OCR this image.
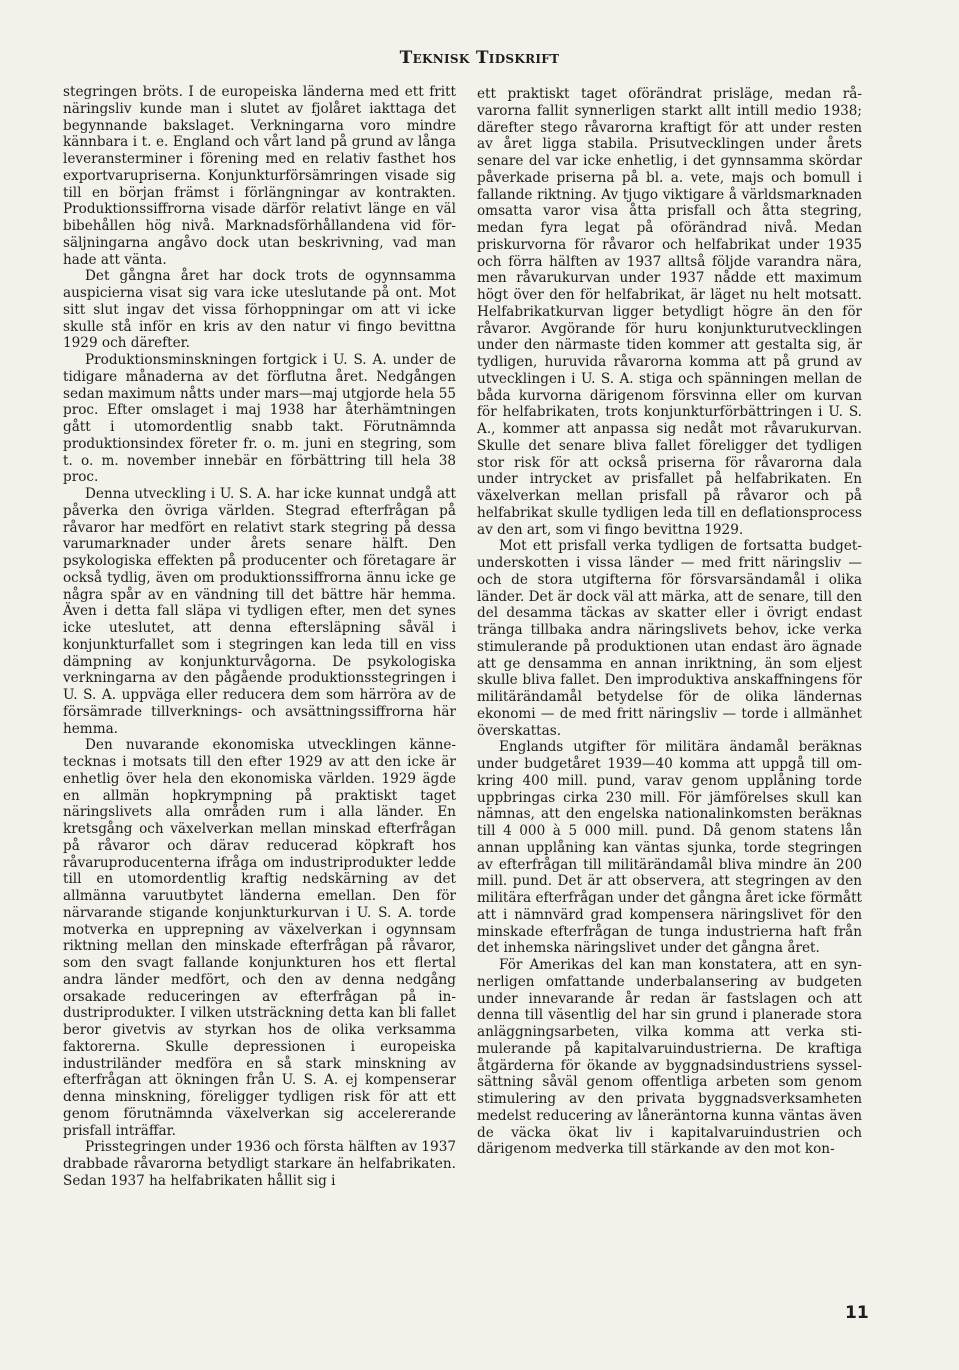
Teknisk Tidskrift

stegringen bröts. I de europeiska länderna med ett fritt näringsliv kunde man i slutet av fjolåret iakttaga det begynnande bakslaget. Verkningarna voro mindre kännbara i t. e. England och vårt land på grund av långa leveransterminer i förening med en relativ fasthet hos exportvarupriserna. Konjunkturförsämringen visade sig till en början främst i förlängningar av kontrakten. Produktionssiffrorna visade därför relativt länge en väl bibehållen hög nivå. Marknadsförhållandena vid försäljningarna angåvo dock utan beskrivning, vad man hade att vänta.

Det gångna året har dock trots de ogynnsamma auspicierna visat sig vara icke uteslutande på ont. Mot sitt slut ingav det vissa förhoppningar om att vi icke skulle stå inför en kris av den natur vi fingo bevittna 1929 och därefter.

Produktionsminskningen fortgick i U. S. A. under de tidigare månaderna av det förflutna året. Nedgången sedan maximum nåtts under mars—maj utgjorde hela 55 proc. Efter omslaget i maj 1938 har återhämtningen gått i utomordentlig snabb takt. Förutnämnda produktionsindex företer fr. o. m. juni en stegring, som t. o. m. november innebär en förbättring till hela 38 proc.

Denna utveckling i U. S. A. har icke kunnat undgå att påverka den övriga världen. Stegrad efterfrågan på råvaror har medfört en relativt stark stegring på dessa varumarknader under årets senare hälft. Den psykologiska effekten på producenter och företagare är också tydlig, även om produktionssiffrorna ännu icke ge några spår av en vändning till det bättre här hemma. Även i detta fall släpa vi tydligen efter, men det synes icke uteslutet, att denna eftersläpning såväl i konjunkturfallet som i stegringen kan leda till en viss dämpning av konjunkturvågorna. De psykologiska verkningarna av den pågående produktionsstegringen i U. S. A. uppväga eller reducera dem som härröra av de försämrade tillverknings- och avsättningssiffrorna här hemma.

Den nuvarande ekonomiska utvecklingen kännetecknas i motsats till den efter 1929 av att den icke är enhetlig över hela den ekonomiska världen. 1929 ägde en allmän hopkrympning på praktiskt taget näringslivets alla områden rum i alla länder. En kretsgång och växelverkan mellan minskad efterfrågan på råvaror och därav reducerad köpkraft hos råvaruproducenterna ifråga om industriprodukter ledde till en utomordentlig kraftig nedskärning av det allmänna varuutbytet länderna emellan. Den för närvarande stigande konjunkturkurvan i U. S. A. torde motverka en upprepning av växelverkan i ogynnsam riktning mellan den minskade efterfrågan på råvaror, som den svagt fallande konjunkturen hos ett flertal andra länder medfört, och den av denna nedgång orsakade reduceringen av efterfrågan på industriprodukter. I vilken utsträckning detta kan bli fallet beror givetvis av styrkan hos de olika verksamma faktorerna. Skulle depressionen i europeiska industriländer medföra en så stark minskning av efterfrågan att ökningen från U. S. A. ej kompenserar denna minskning, föreligger tydligen risk för att ett genom förutnämnda växelverkan sig accelererande prisfall inträffar.

Prisstegringen under 1936 och första hälften av 1937 drabbade råvarorna betydligt starkare än helfabrikaten. Sedan 1937 ha helfabrikaten hållit sig i

ett praktiskt taget oförändrat prisläge, medan råvarorna fallit synnerligen starkt allt intill medio 1938; därefter stego råvarorna kraftigt för att under resten av året ligga stabila. Prisutvecklingen under årets senare del var icke enhetlig, i det gynnsamma skördar påverkade priserna på bl. a. vete, majs och bomull i fallande riktning. Av tjugo viktigare å världsmarknaden omsatta varor visa åtta prisfall och åtta stegring, medan fyra legat på oförändrad nivå. Medan priskurvorna för råvaror och helfabrikat under 1935 och förra hälften av 1937 alltså följde varandra nära, men råvarukurvan under 1937 nådde ett maximum högt över den för helfabrikat, är läget nu helt motsatt. Helfabrikatkurvan ligger betydligt högre än den för råvaror. Avgörande för huru konjunkturutvecklingen under den närmaste tiden kommer att gestalta sig, är tydligen, huruvida råvarorna komma att på grund av utvecklingen i U. S. A. stiga och spänningen mellan de båda kurvorna därigenom försvinna eller om kurvan för helfabrikaten, trots konjunkturförbättringen i U. S. A., kommer att anpassa sig nedåt mot råvarukurvan. Skulle det senare bliva fallet föreligger det tydligen stor risk för att också priserna för råvarorna dala under intrycket av prisfallet på helfabrikaten. En växelverkan mellan prisfall på råvaror och på helfabrikat skulle tydligen leda till en deflationsprocess av den art, som vi fingo bevittna 1929.

Mot ett prisfall verka tydligen de fortsatta budgetunderskotten i vissa länder — med fritt näringsliv — och de stora utgifterna för försvarsändamål i olika länder. Det är dock väl att märka, att de senare, till den del desamma täckas av skatter eller i övrigt endast tränga tillbaka andra näringslivets behov, icke verka stimulerande på produktionen utan endast äro ägnade att ge densamma en annan inriktning, än som eljest skulle bliva fallet. Den improduktiva anskaffningens för militärändamål betydelse för de olika ländernas ekonomi — de med fritt näringsliv — torde i allmänhet överskattas.

Englands utgifter för militära ändamål beräknas under budgetåret 1939—40 komma att uppgå till omkring 400 mill. pund, varav genom upplåning torde uppbringas cirka 230 mill. För jämförelses skull kan nämnas, att den engelska nationalinkomsten beräknas till 4 000 à 5 000 mill. pund. Då genom statens lån annan upplåning kan väntas sjunka, torde stegringen av efterfrågan till militärändamål bliva mindre än 200 mill. pund. Det är att observera, att stegringen av den militära efterfrågan under det gångna året icke förmått att i nämnvärd grad kompensera näringslivet för den minskade efterfrågan de tunga industrierna haft från det inhemska näringslivet under det gångna året.

För Amerikas del kan man konstatera, att en synnerligen omfattande underbalansering av budgeten under innevarande år redan är fastslagen och att denna till väsentlig del har sin grund i planerade stora anläggningsarbeten, vilka komma att verka stimulerande på kapitalvaruindustrierna. De kraftiga åtgärderna för ökande av byggnadsindustriens sysselsättning såväl genom offentliga arbeten som genom stimulering av den privata byggnadsverksamheten medelst reducering av låneräntorna kunna väntas även de väcka ökat liv i kapitalvaruindustrien och därigenom medverka till stärkande av den mot kon-

11
